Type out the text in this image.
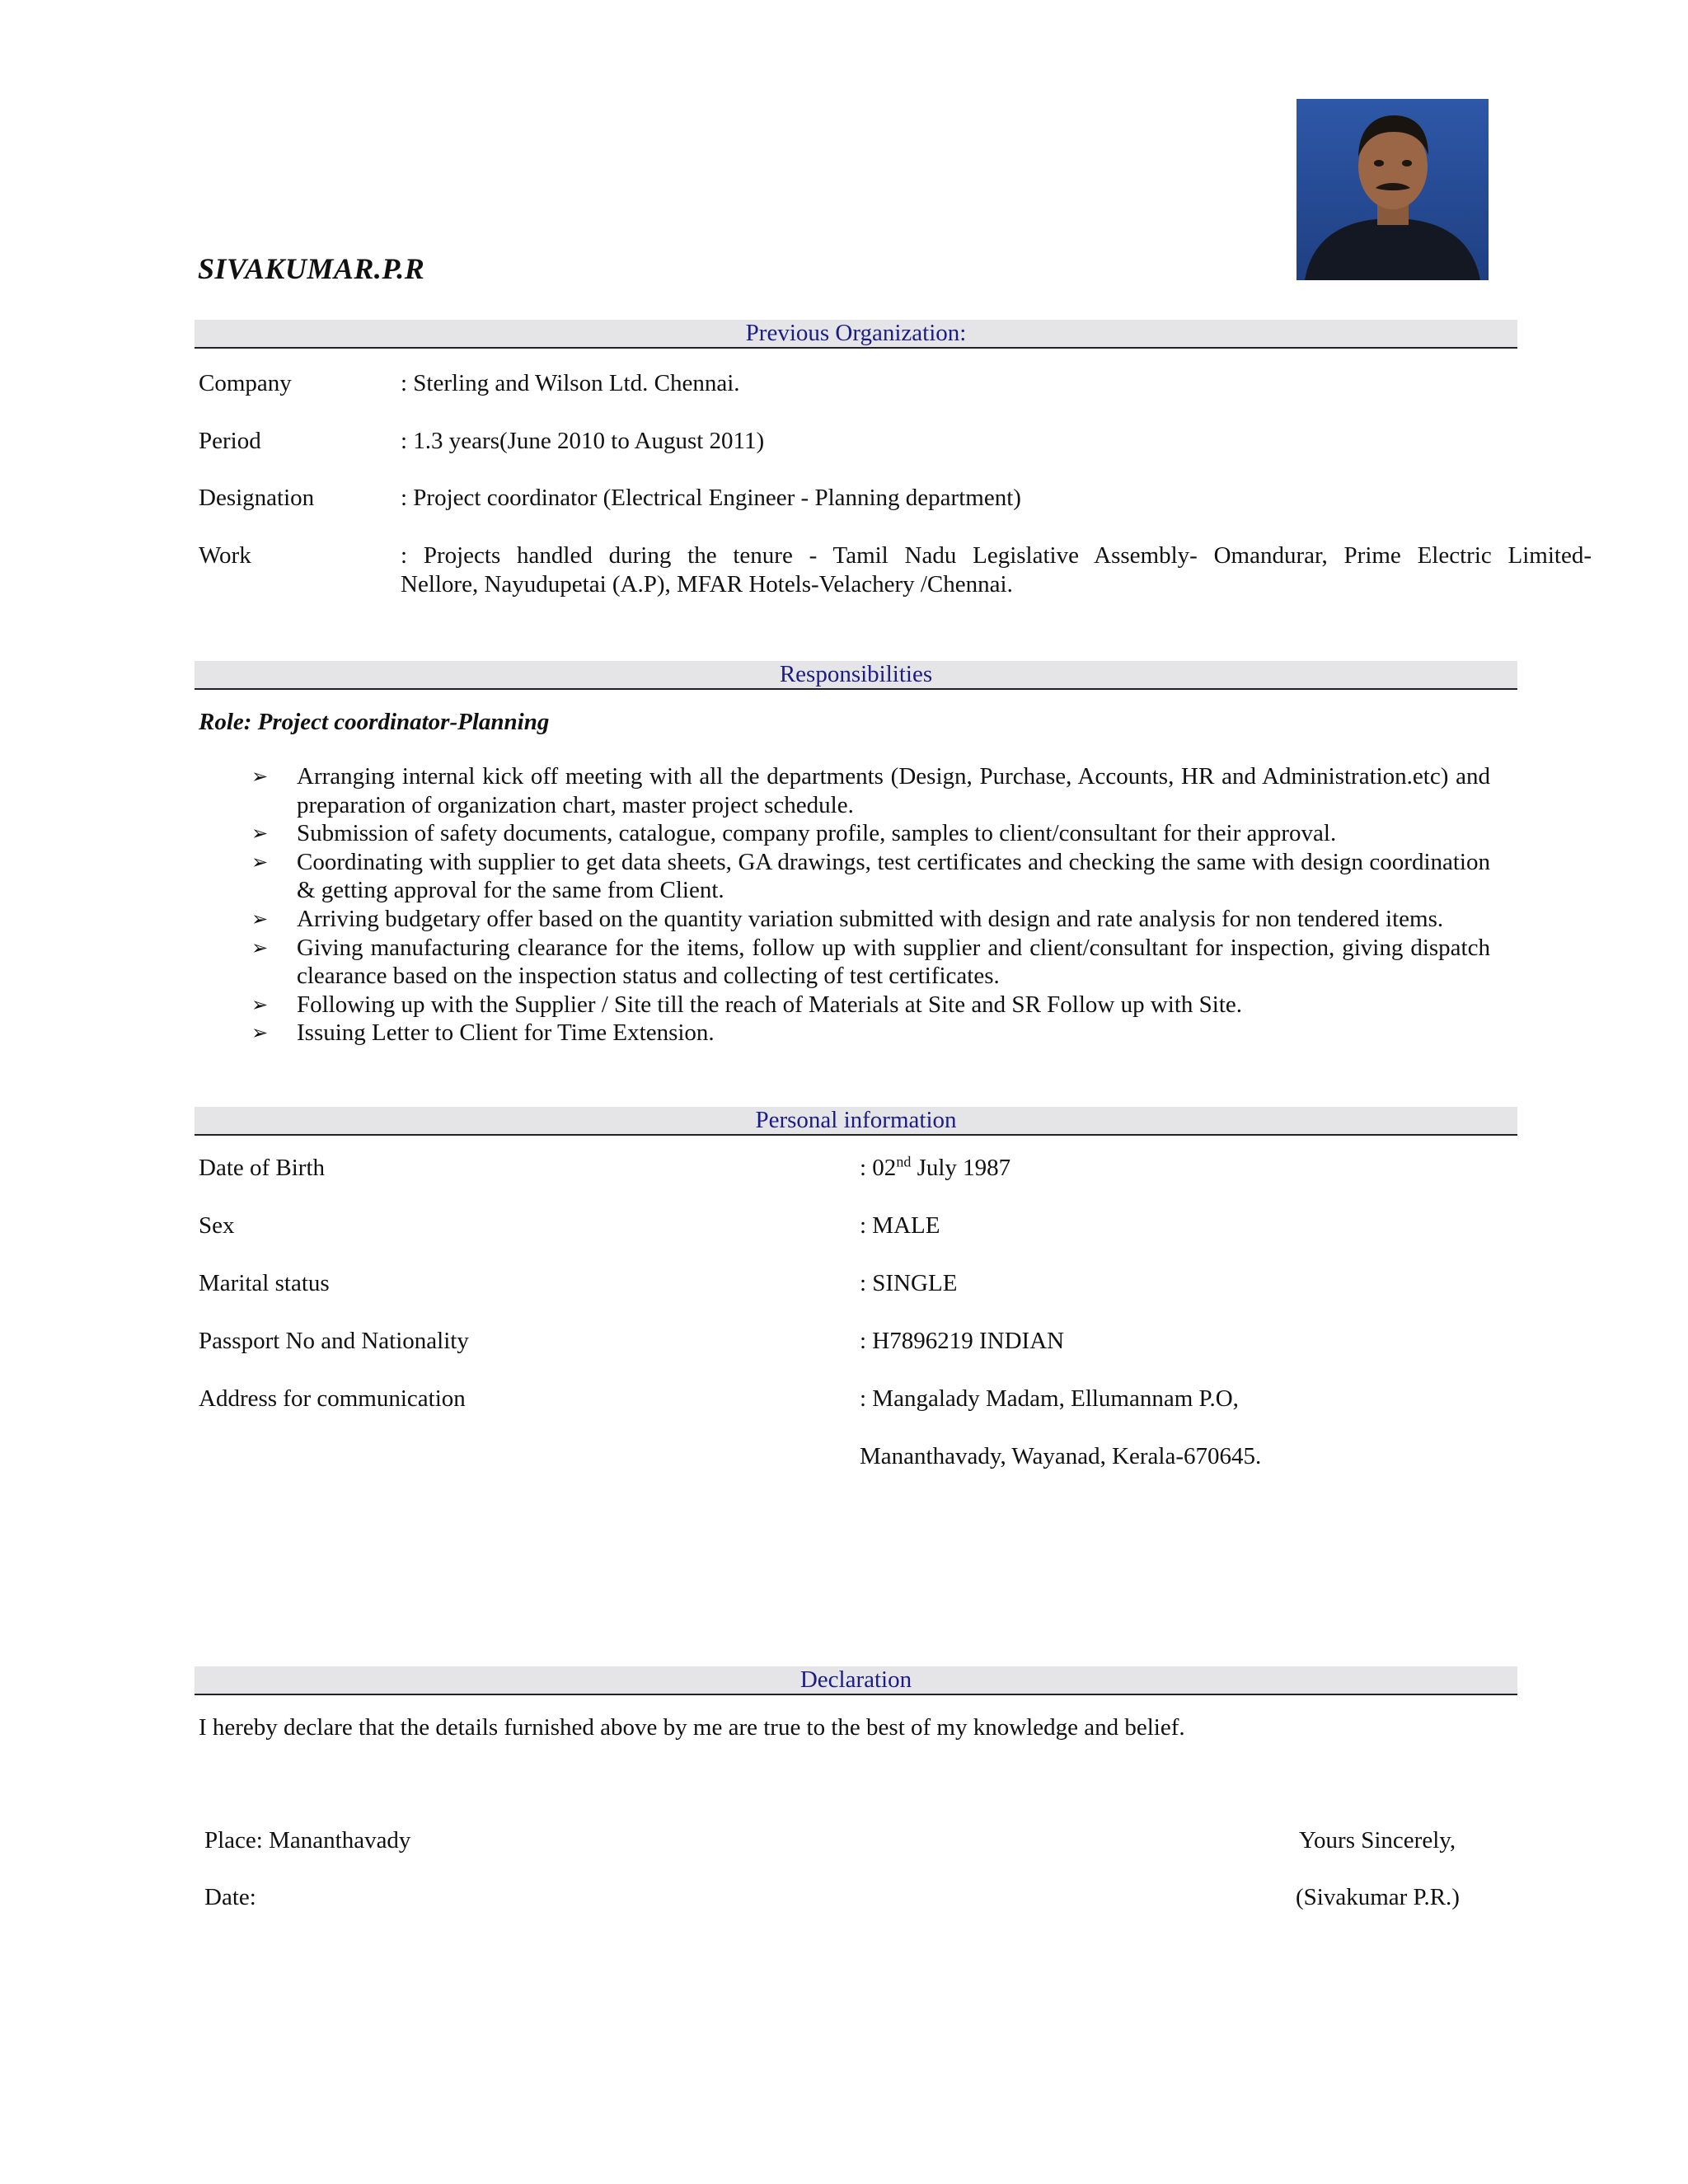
SIVAKUMAR.P.R
Previous Organization:
Company	: Sterling and Wilson Ltd. Chennai.
Period	: 1.3 years(June 2010 to August 2011)
Designation	: Project coordinator (Electrical Engineer - Planning department)
Work	: Projects handled during the tenure - Tamil Nadu Legislative Assembly- Omandurar, Prime Electric Limited-
Nellore, Nayudupetai (A.P), MFAR Hotels-Velachery /Chennai.
Responsibilities
Role: Project coordinator-Planning
➢ Arranging internal kick off meeting with all the departments (Design, Purchase, Accounts, HR and Administration.etc) and preparation of organization chart, master project schedule.
➢ Submission of safety documents, catalogue, company profile, samples to client/consultant for their approval.
➢ Coordinating with supplier to get data sheets, GA drawings, test certificates and checking the same with design coordination & getting approval for the same from Client.
➢ Arriving budgetary offer based on the quantity variation submitted with design and rate analysis for non tendered items.
➢ Giving manufacturing clearance for the items, follow up with supplier and client/consultant for inspection, giving dispatch clearance based on the inspection status and collecting of test certificates.
➢ Following up with the Supplier / Site till the reach of Materials at Site and SR Follow up with Site.
➢ Issuing Letter to Client for Time Extension.
Personal information
Date of Birth	: 02nd July 1987
Sex	: MALE
Marital status	: SINGLE
Passport No and Nationality	: H7896219 INDIAN
Address for communication	: Mangalady Madam, Ellumannam P.O,
Mananthavady, Wayanad, Kerala-670645.
Declaration
I hereby declare that the details furnished above by me are true to the best of my knowledge and belief.
Place: Mananthavady
Date:
Yours Sincerely,
(Sivakumar P.R.)
